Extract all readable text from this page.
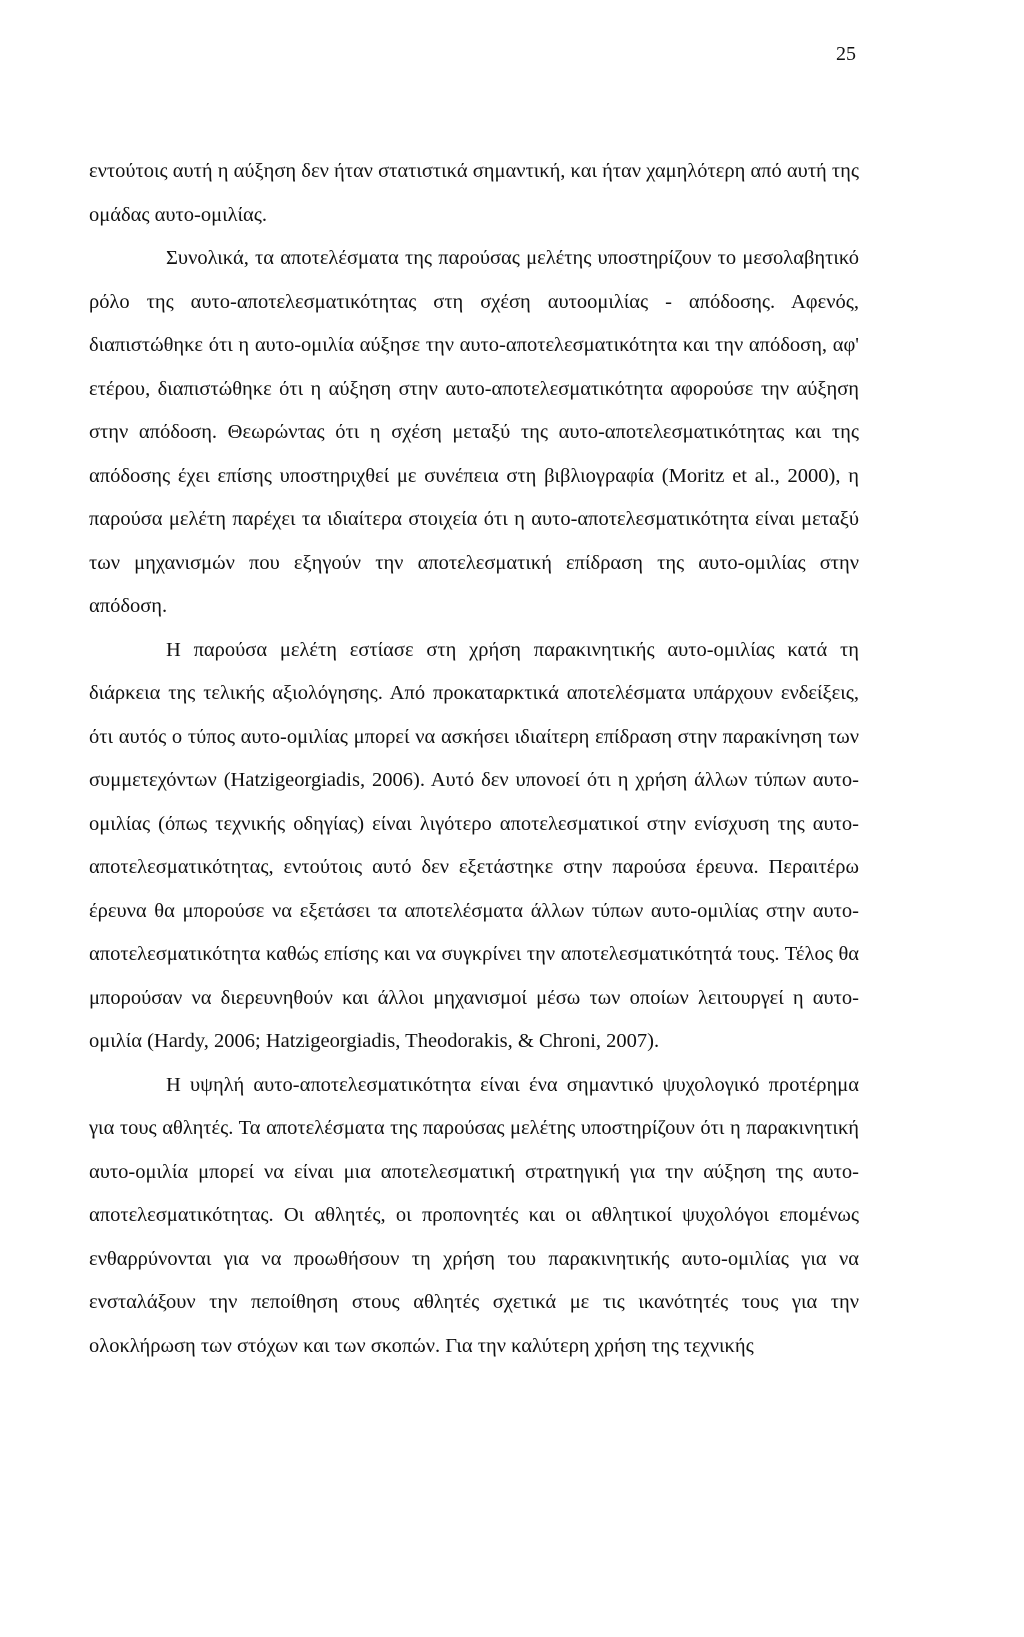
25

εντούτοις αυτή η αύξηση δεν ήταν στατιστικά σημαντική, και ήταν χαμηλότερη από αυτή της ομάδας αυτο-ομιλίας.

Συνολικά, τα αποτελέσματα της παρούσας μελέτης υποστηρίζουν το μεσολαβητικό ρόλο της αυτο-αποτελεσματικότητας στη σχέση αυτοομιλίας - απόδοσης. Αφενός, διαπιστώθηκε ότι η αυτο-ομιλία αύξησε την αυτο-αποτελεσματικότητα και την απόδοση, αφ' ετέρου, διαπιστώθηκε ότι η αύξηση στην αυτο-αποτελεσματικότητα αφορούσε την αύξηση στην απόδοση. Θεωρώντας ότι η σχέση μεταξύ της αυτο-αποτελεσματικότητας και της απόδοσης έχει επίσης υποστηριχθεί με συνέπεια στη βιβλιογραφία (Moritz et al., 2000), η παρούσα μελέτη παρέχει τα ιδιαίτερα στοιχεία ότι η αυτο-αποτελεσματικότητα είναι μεταξύ των μηχανισμών που εξηγούν την αποτελεσματική επίδραση της αυτο-ομιλίας στην απόδοση.

Η παρούσα μελέτη εστίασε στη χρήση παρακινητικής αυτο-ομιλίας κατά τη διάρκεια της τελικής αξιολόγησης. Από προκαταρκτικά αποτελέσματα υπάρχουν ενδείξεις, ότι αυτός ο τύπος αυτο-ομιλίας μπορεί να ασκήσει ιδιαίτερη επίδραση στην παρακίνηση των συμμετεχόντων (Hatzigeorgiadis, 2006). Αυτό δεν υπονοεί ότι η χρήση άλλων τύπων αυτο-ομιλίας (όπως τεχνικής οδηγίας) είναι λιγότερο αποτελεσματικοί στην ενίσχυση της αυτο-αποτελεσματικότητας, εντούτοις αυτό δεν εξετάστηκε στην παρούσα έρευνα. Περαιτέρω έρευνα θα μπορούσε να εξετάσει τα αποτελέσματα άλλων τύπων αυτο-ομιλίας στην αυτο-αποτελεσματικότητα καθώς επίσης και να συγκρίνει την αποτελεσματικότητά τους. Τέλος θα μπορούσαν να διερευνηθούν και άλλοι μηχανισμοί μέσω των οποίων λειτουργεί η αυτο-ομιλία (Hardy, 2006; Hatzigeorgiadis, Theodorakis, & Chroni, 2007).

Η υψηλή αυτο-αποτελεσματικότητα είναι ένα σημαντικό ψυχολογικό προτέρημα για τους αθλητές. Τα αποτελέσματα της παρούσας μελέτης υποστηρίζουν ότι η παρακινητική αυτο-ομιλία μπορεί να είναι μια αποτελεσματική στρατηγική για την αύξηση της αυτο-αποτελεσματικότητας. Οι αθλητές, οι προπονητές και οι αθλητικοί ψυχολόγοι επομένως ενθαρρύνονται για να προωθήσουν τη χρήση του παρακινητικής αυτο-ομιλίας για να ενσταλάξουν την πεποίθηση στους αθλητές σχετικά με τις ικανότητές τους για την ολοκλήρωση των στόχων και των σκοπών. Για την καλύτερη χρήση της τεχνικής
